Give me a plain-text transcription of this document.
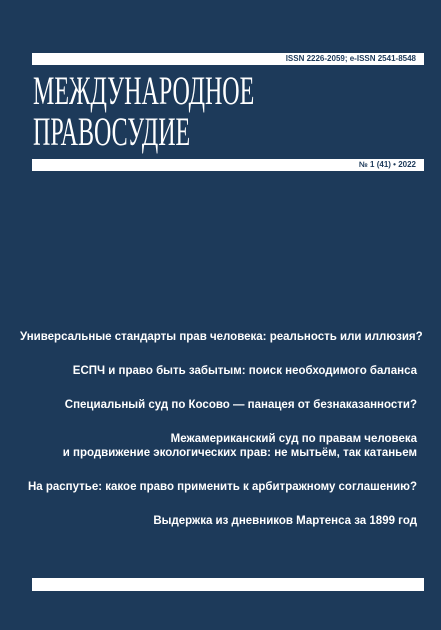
ISSN 2226-2059; e-ISSN 2541-8548
МЕЖДУНАРОДНОЕ
ПРАВОСУДИЕ
№ 1 (41) • 2022
Универсальные стандарты прав человека: реальность или иллюзия?
ЕСПЧ и право быть забытым: поиск необходимого баланса
Специальный суд по Косово — панацея от безнаказанности?
Межамериканский суд по правам человека
и продвижение экологических прав: не мытьём, так катаньем
На распутье: какое право применить к арбитражному соглашению?
Выдержка из дневников Мартенса за 1899 год
